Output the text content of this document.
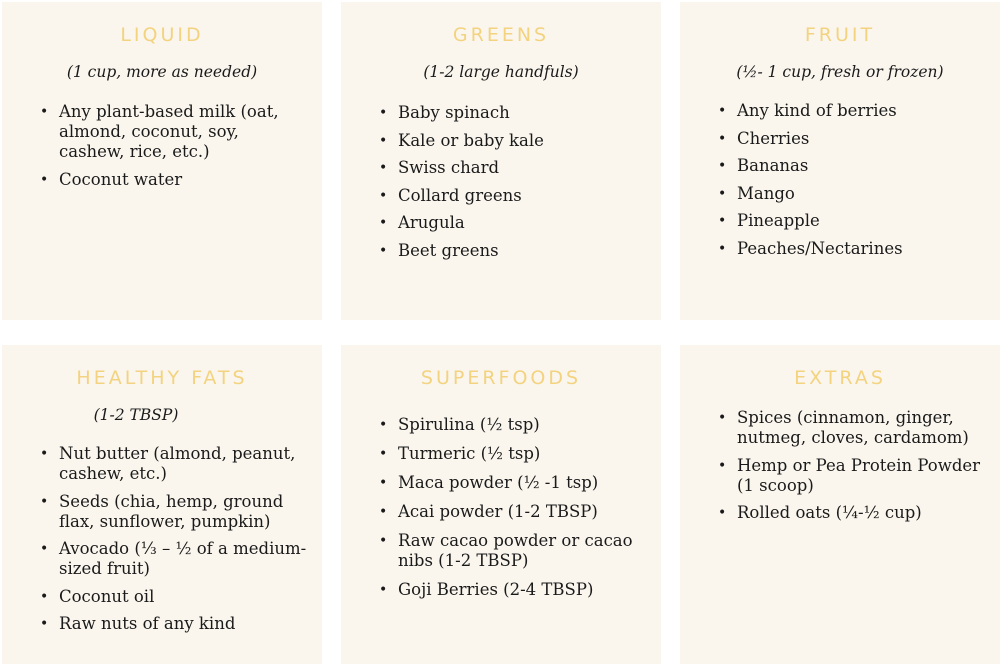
LIQUID
(1 cup, more as needed)
• Any plant-based milk (oat, almond, coconut, soy, cashew, rice, etc.)
• Coconut water
GREENS
(1-2 large handfuls)
• Baby spinach
• Kale or baby kale
• Swiss chard
• Collard greens
• Arugula
• Beet greens
FRUIT
(½- 1 cup, fresh or frozen)
• Any kind of berries
• Cherries
• Bananas
• Mango
• Pineapple
• Peaches/Nectarines
HEALTHY FATS
(1-2 TBSP)
• Nut butter (almond, peanut, cashew, etc.)
• Seeds (chia, hemp, ground flax, sunflower, pumpkin)
• Avocado (⅓ – ½ of a medium-sized fruit)
• Coconut oil
• Raw nuts of any kind
SUPERFOODS
• Spirulina (½ tsp)
• Turmeric (½ tsp)
• Maca powder (½ -1 tsp)
• Acai powder (1-2 TBSP)
• Raw cacao powder or cacao nibs (1-2 TBSP)
• Goji Berries (2-4 TBSP)
EXTRAS
• Spices (cinnamon, ginger, nutmeg, cloves, cardamom)
• Hemp or Pea Protein Powder (1 scoop)
• Rolled oats (¼-½ cup)
